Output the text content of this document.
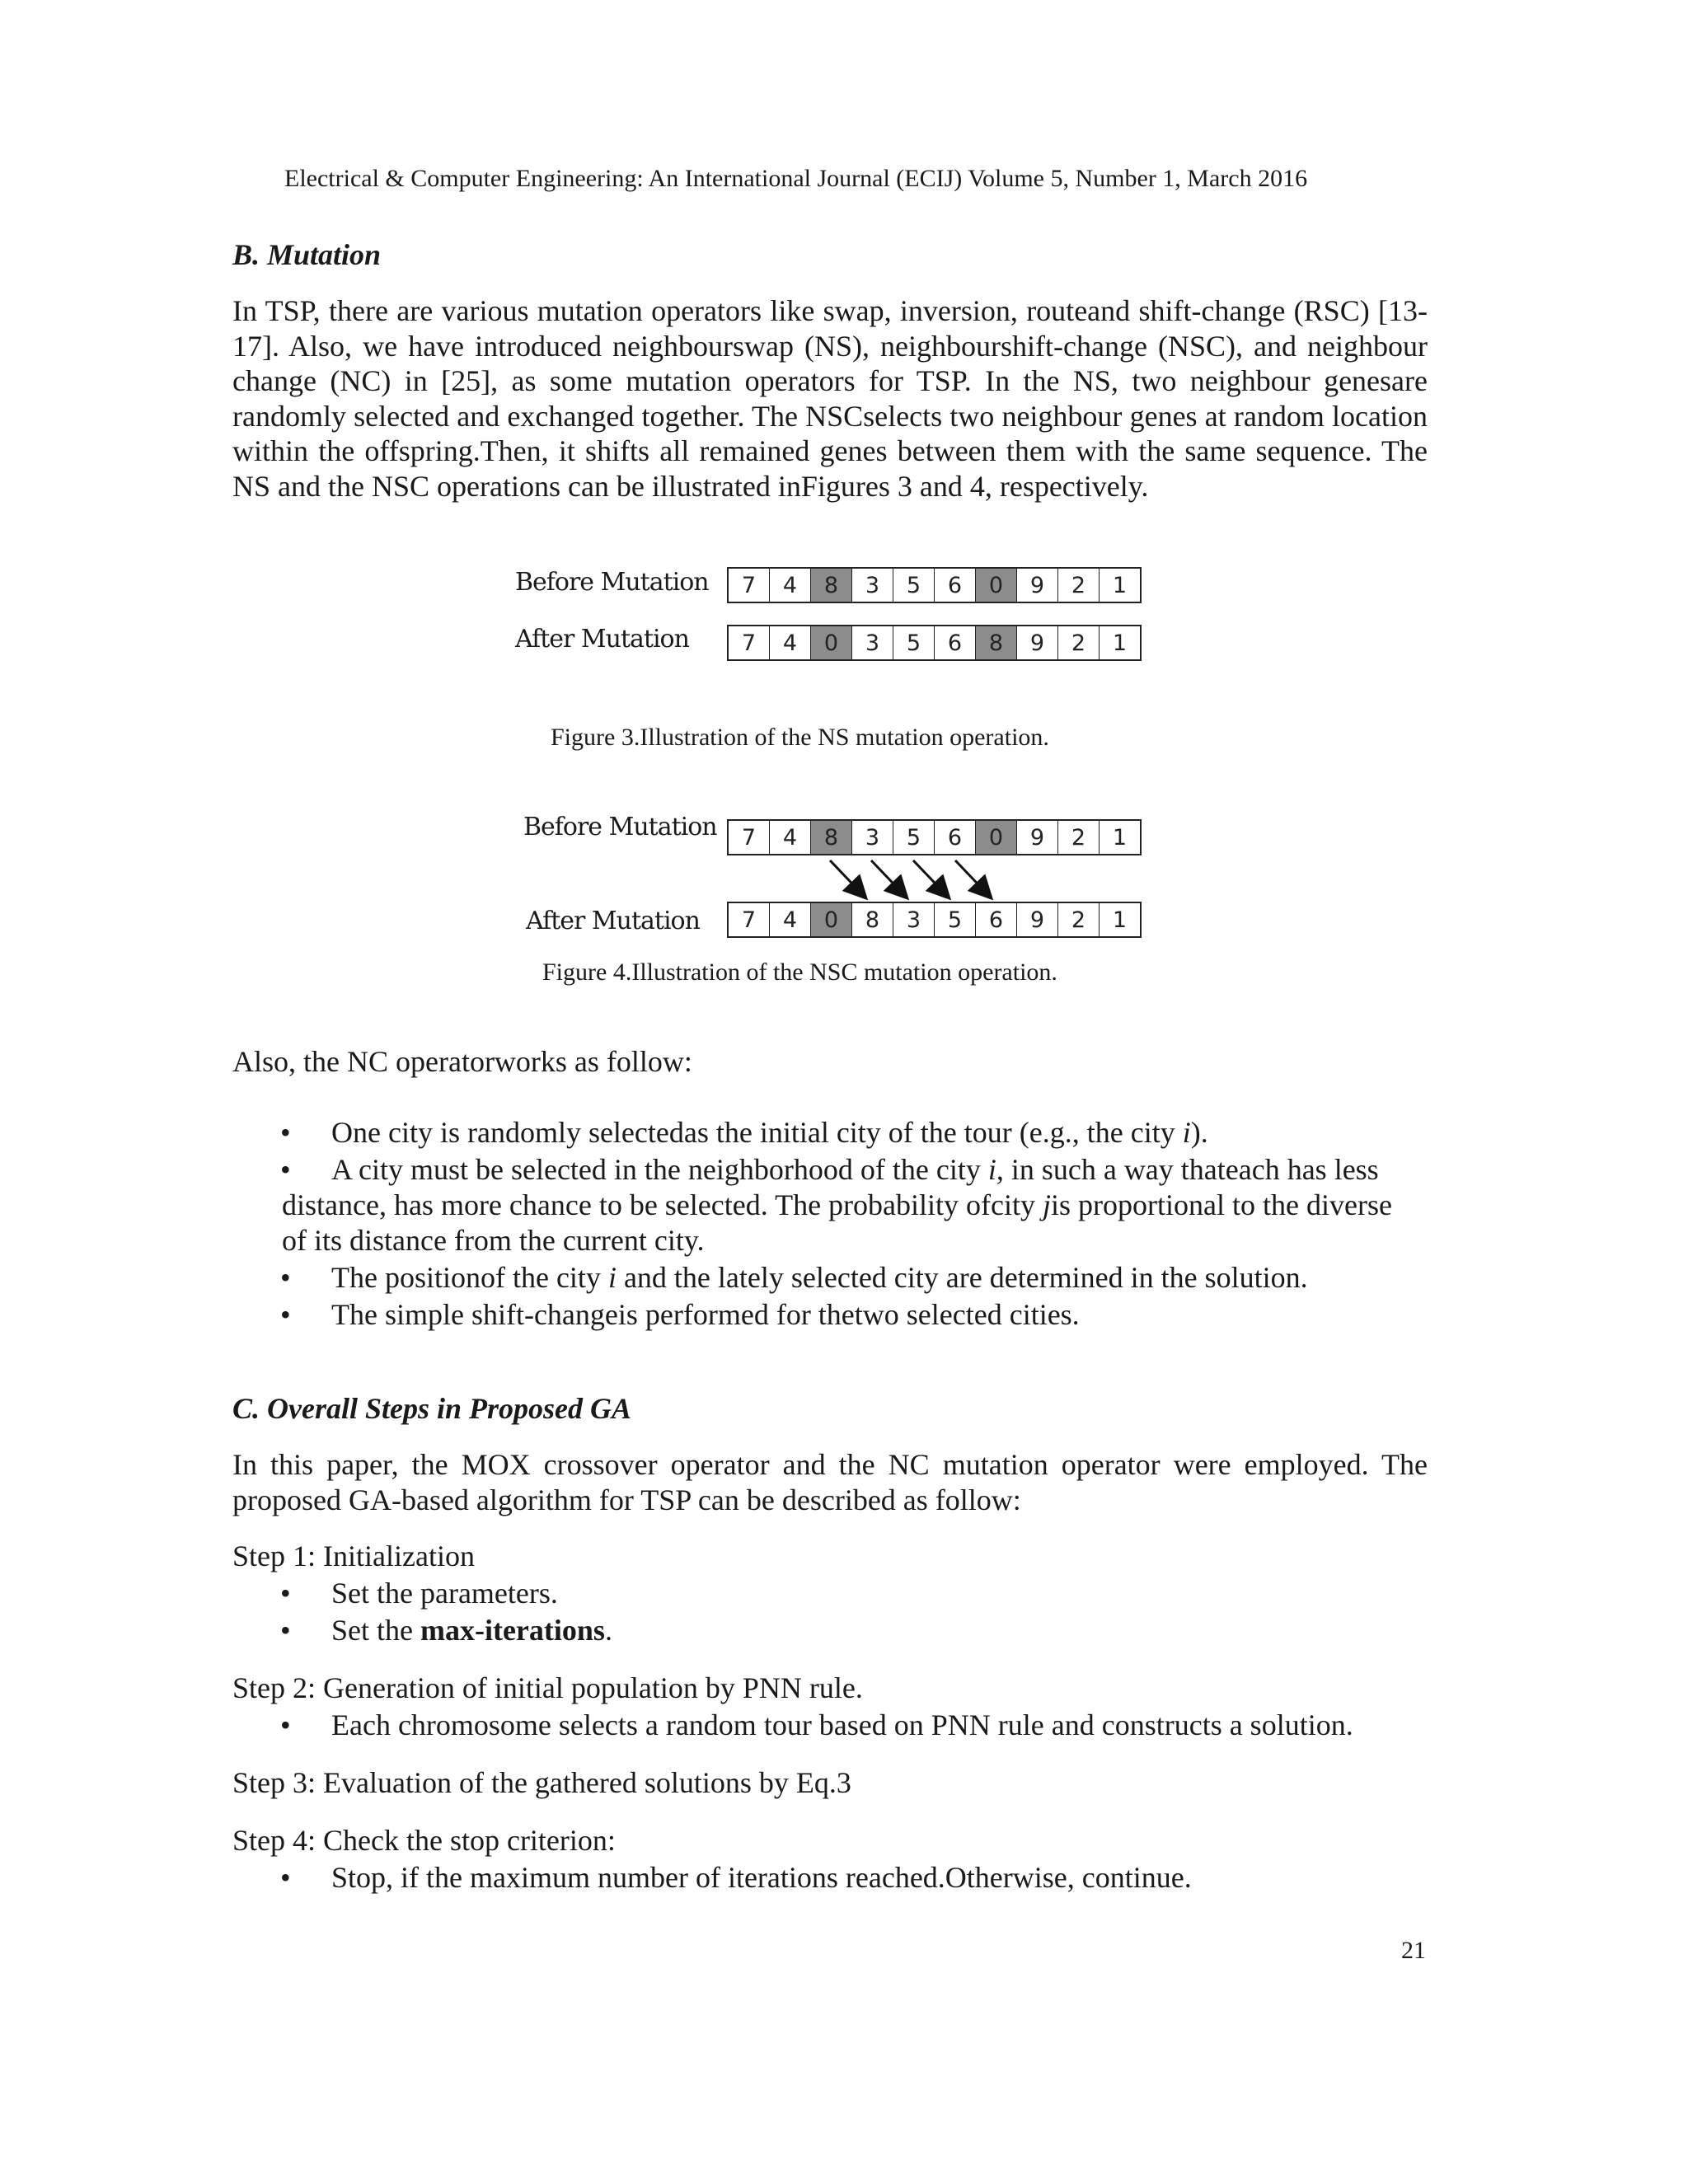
Electrical & Computer Engineering: An International Journal (ECIJ) Volume 5, Number 1, March 2016
B. Mutation
In TSP, there are various mutation operators like swap, inversion, routeand shift-change (RSC) [13-17]. Also, we have introduced neighbourswap (NS), neighbourshift-change (NSC), and neighbour change (NC) in [25], as some mutation operators for TSP. In the NS, two neighbour genesare randomly selected and exchanged together. The NSCselects two neighbour genes at random location within the offspring.Then, it shifts all remained genes between them with the same sequence. The NS and the NSC operations can be illustrated inFigures 3 and 4, respectively.
Before Mutation
After Mutation
7	4	8	3	5	6	0	9	2	1
7	4	0	3	5	6	8	9	2	1
Figure 3.Illustration of the NS mutation operation.
Before Mutation
After Mutation
7	4	8	3	5	6	0	9	2	1
7	4	0	8	3	5	6	9	2	1
Figure 4.Illustration of the NSC mutation operation.
Also, the NC operatorworks as follow:
• One city is randomly selectedas the initial city of the tour (e.g., the city i).
• A city must be selected in the neighborhood of the city i, in such a way thateach has less
distance, has more chance to be selected. The probability ofcity jis proportional to the diverse
of its distance from the current city.
• The positionof the city i and the lately selected city are determined in the solution.
• The simple shift-changeis performed for thetwo selected cities.
C. Overall Steps in Proposed GA
In this paper, the MOX crossover operator and the NC mutation operator were employed. The proposed GA-based algorithm for TSP can be described as follow:
Step 1: Initialization
• Set the parameters.
• Set the max-iterations.
Step 2: Generation of initial population by PNN rule.
• Each chromosome selects a random tour based on PNN rule and constructs a solution.
Step 3: Evaluation of the gathered solutions by Eq.3
Step 4: Check the stop criterion:
• Stop, if the maximum number of iterations reached.Otherwise, continue.
21
